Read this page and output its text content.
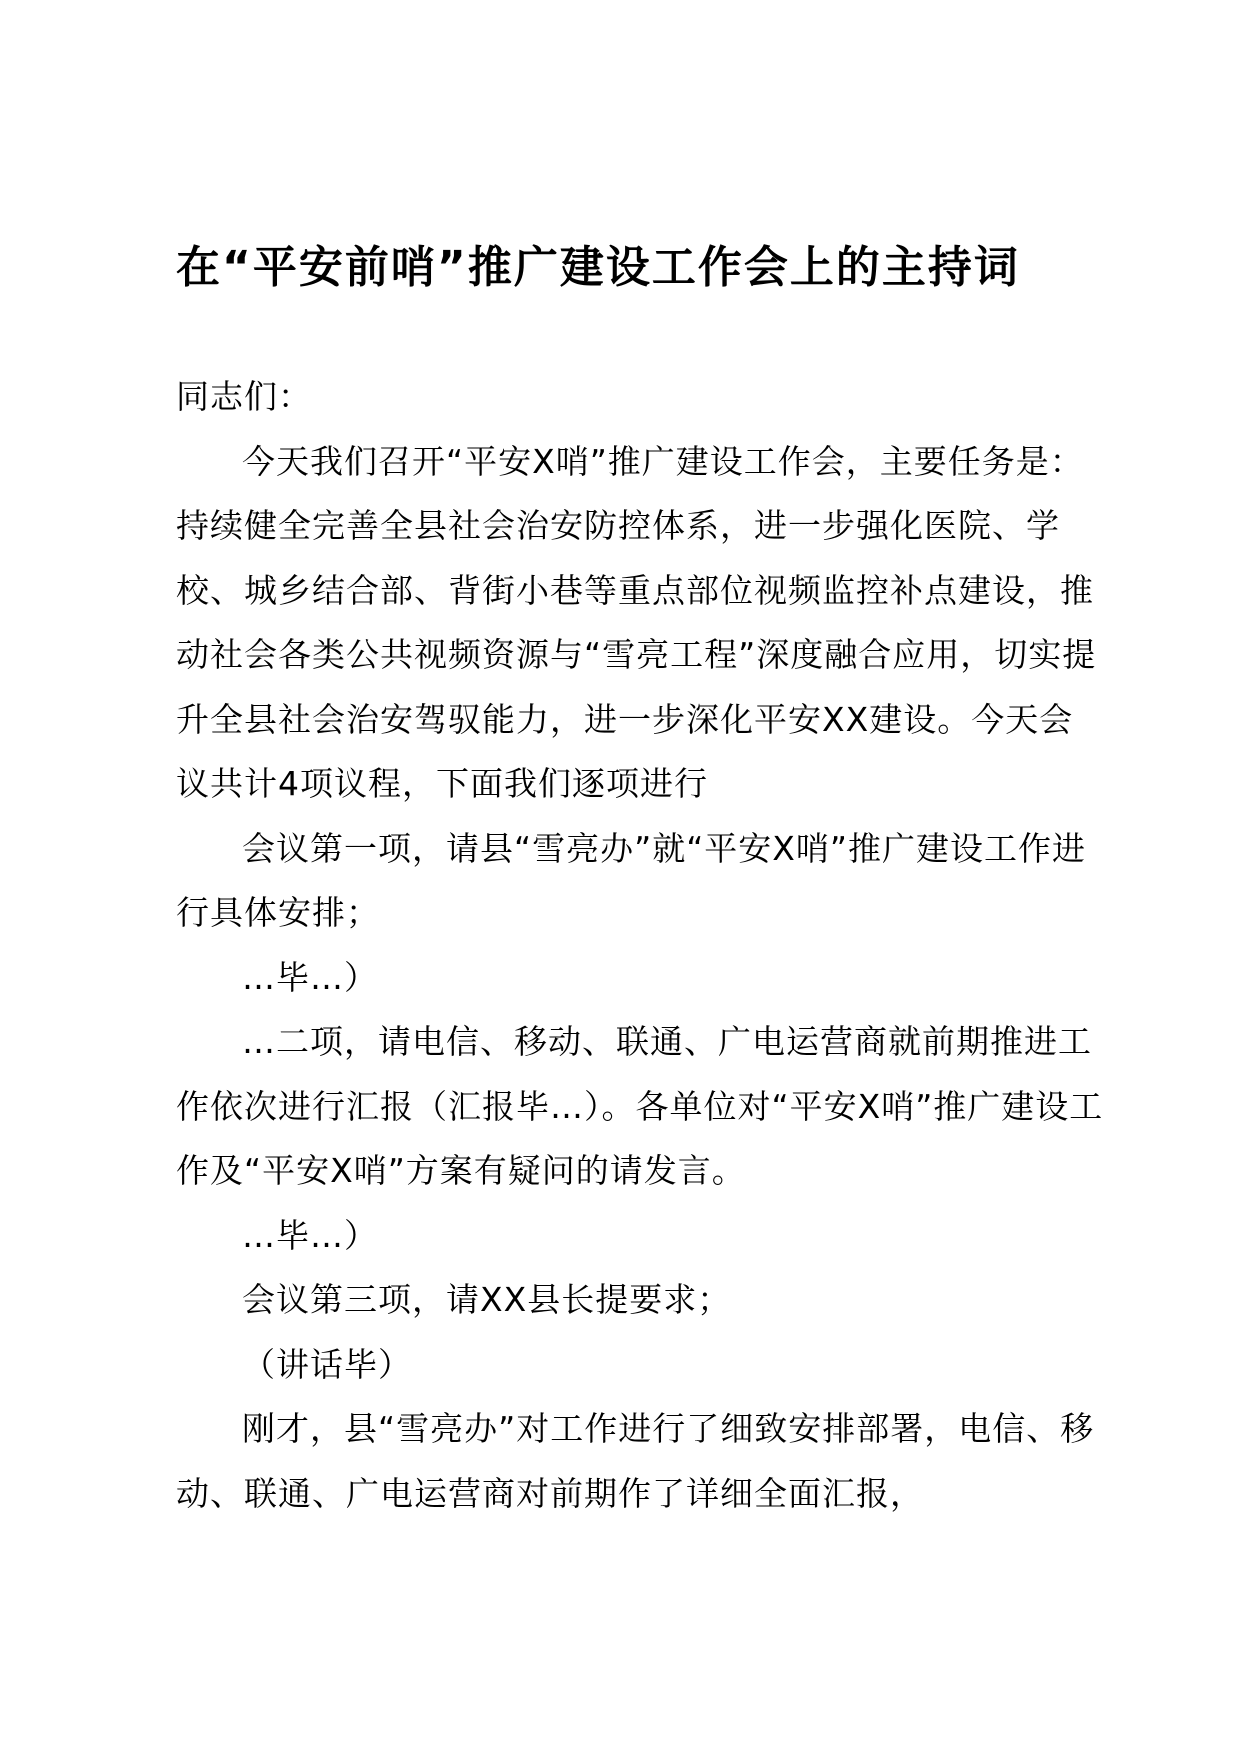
在“平安前哨”推广建设工作会上的主持词

同志们：

今天我们召开“平安X哨”推广建设工作会，主要任务是：持续健全完善全县社会治安防控体系，进一步强化医院、学校、城乡结合部、背街小巷等重点部位视频监控补点建设，推动社会各类公共视频资源与“雪亮工程”深度融合应用，切实提升全县社会治安驾驭能力，进一步深化平安XX建设。今天会议共计4项议程，下面我们逐项进行

会议第一项，请县“雪亮办”就“平安X哨”推广建设工作进行具体安排；

…毕…）

…二项，请电信、移动、联通、广电运营商就前期推进工作依次进行汇报（汇报毕…）。各单位对“平安X哨”推广建设工作及“平安X哨”方案有疑问的请发言。

…毕…）

会议第三项，请XX县长提要求；

（讲话毕）

刚才，县“雪亮办”对工作进行了细致安排部署，电信、移动、联通、广电运营商对前期作了详细全面汇报，
